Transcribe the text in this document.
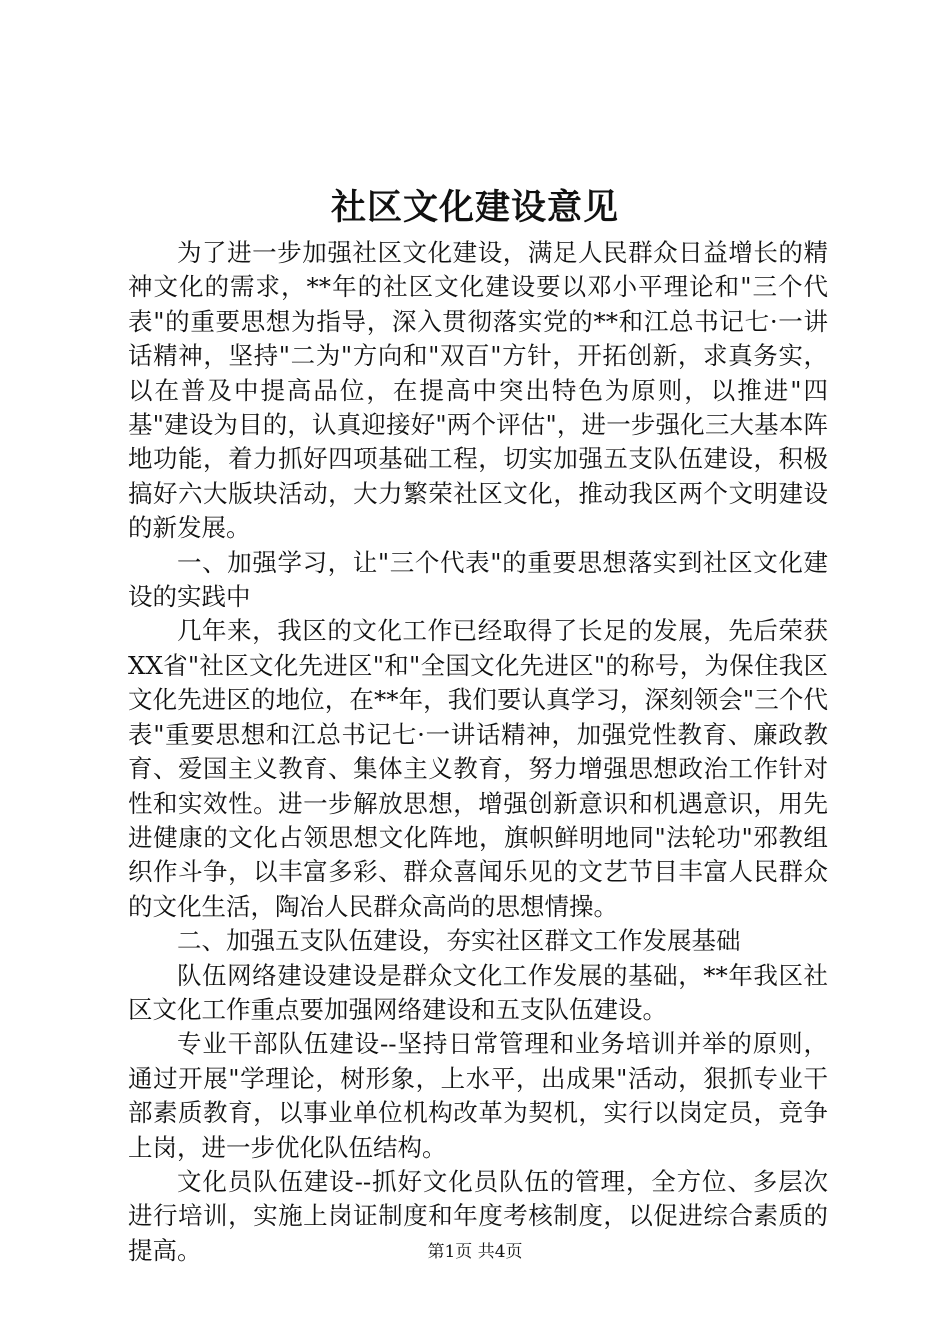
社区文化建设意见

为了进一步加强社区文化建设，满足人民群众日益增长的精神文化的需求，**年的社区文化建设要以邓小平理论和"三个代表"的重要思想为指导，深入贯彻落实党的**和江总书记七·一讲话精神，坚持"二为"方向和"双百"方针，开拓创新，求真务实，以在普及中提高品位，在提高中突出特色为原则，以推进"四基"建设为目的，认真迎接好"两个评估"，进一步强化三大基本阵地功能，着力抓好四项基础工程，切实加强五支队伍建设，积极搞好六大版块活动，大力繁荣社区文化，推动我区两个文明建设的新发展。

一、加强学习，让"三个代表"的重要思想落实到社区文化建设的实践中

几年来，我区的文化工作已经取得了长足的发展，先后荣获XX省"社区文化先进区"和"全国文化先进区"的称号，为保住我区文化先进区的地位，在**年，我们要认真学习，深刻领会"三个代表"重要思想和江总书记七·一讲话精神，加强党性教育、廉政教育、爱国主义教育、集体主义教育，努力增强思想政治工作针对性和实效性。进一步解放思想，增强创新意识和机遇意识，用先进健康的文化占领思想文化阵地，旗帜鲜明地同"法轮功"邪教组织作斗争，以丰富多彩、群众喜闻乐见的文艺节目丰富人民群众的文化生活，陶冶人民群众高尚的思想情操。

二、加强五支队伍建设，夯实社区群文工作发展基础

队伍网络建设建设是群众文化工作发展的基础，**年我区社区文化工作重点要加强网络建设和五支队伍建设。

专业干部队伍建设--坚持日常管理和业务培训并举的原则，通过开展"学理论，树形象，上水平，出成果"活动，狠抓专业干部素质教育，以事业单位机构改革为契机，实行以岗定员，竞争上岗，进一步优化队伍结构。

文化员队伍建设--抓好文化员队伍的管理，全方位、多层次进行培训，实施上岗证制度和年度考核制度，以促进综合素质的提高。	第1页 共4页
